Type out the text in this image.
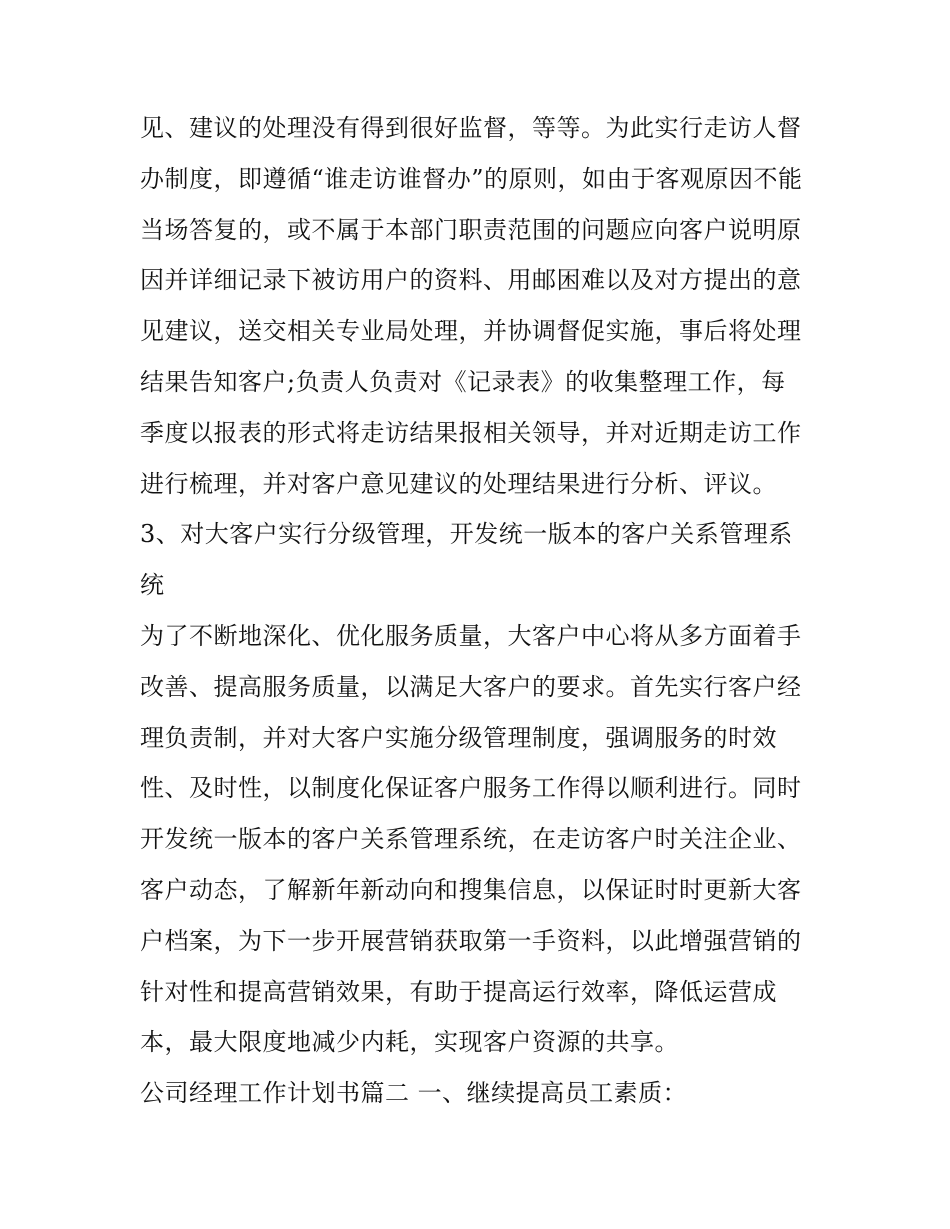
见、建议的处理没有得到很好监督，等等。为此实行走访人督
办制度，即遵循“谁走访谁督办”的原则，如由于客观原因不能
当场答复的，或不属于本部门职责范围的问题应向客户说明原
因并详细记录下被访用户的资料、用邮困难以及对方提出的意
见建议，送交相关专业局处理，并协调督促实施，事后将处理
结果告知客户;负责人负责对《记录表》的收集整理工作，每
季度以报表的形式将走访结果报相关领导，并对近期走访工作
进行梳理，并对客户意见建议的处理结果进行分析、评议。
3、对大客户实行分级管理，开发统一版本的客户关系管理系
统
为了不断地深化、优化服务质量，大客户中心将从多方面着手
改善、提高服务质量，以满足大客户的要求。首先实行客户经
理负责制，并对大客户实施分级管理制度，强调服务的时效
性、及时性，以制度化保证客户服务工作得以顺利进行。同时
开发统一版本的客户关系管理系统，在走访客户时关注企业、
客户动态，了解新年新动向和搜集信息，以保证时时更新大客
户档案，为下一步开展营销获取第一手资料，以此增强营销的
针对性和提高营销效果，有助于提高运行效率，降低运营成
本，最大限度地减少内耗，实现客户资源的共享。
公司经理工作计划书篇二 一、继续提高员工素质：
